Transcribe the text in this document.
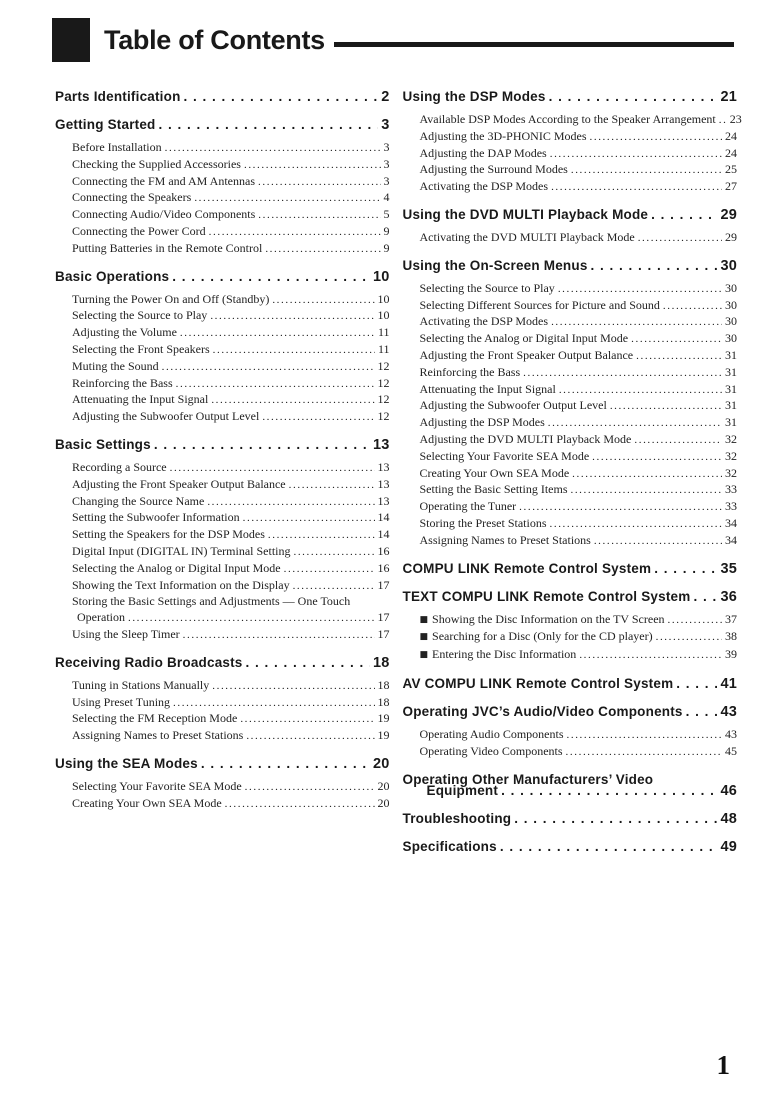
Table of Contents
Parts Identification . . .	2
Getting Started . . .	3
Before Installation .....	3
Checking the Supplied Accessories .....	3
Connecting the FM and AM Antennas .....	3
Connecting the Speakers .....	4
Connecting Audio/Video Components .....	5
Connecting the Power Cord .....	9
Putting Batteries in the Remote Control .....	9
Basic Operations . . .	10
Turning the Power On and Off (Standby) .....	10
Selecting the Source to Play .....	10
Adjusting the Volume .....	11
Selecting the Front Speakers .....	11
Muting the Sound .....	12
Reinforcing the Bass .....	12
Attenuating the Input Signal .....	12
Adjusting the Subwoofer Output Level .....	12
Basic Settings . . .	13
Recording a Source .....	13
Adjusting the Front Speaker Output Balance .....	13
Changing the Source Name .....	13
Setting the Subwoofer Information .....	14
Setting the Speakers for the DSP Modes .....	14
Digital Input (DIGITAL IN) Terminal Setting .....	16
Selecting the Analog or Digital Input Mode .....	16
Showing the Text Information on the Display .....	17
Storing the Basic Settings and Adjustments — One Touch
Operation .....	17
Using the Sleep Timer .....	17
Receiving Radio Broadcasts . . .	18
Tuning in Stations Manually .....	18
Using Preset Tuning .....	18
Selecting the FM Reception Mode .....	19
Assigning Names to Preset Stations .....	19
Using the SEA Modes . . .	20
Selecting Your Favorite SEA Mode .....	20
Creating Your Own SEA Mode .....	20
Using the DSP Modes . . .	21
Available DSP Modes According to the Speaker Arrangement ..... 23
Adjusting the 3D-PHONIC Modes .....	24
Adjusting the DAP Modes .....	24
Adjusting the Surround Modes .....	25
Activating the DSP Modes .....	27
Using the DVD MULTI Playback Mode . . .	29
Activating the DVD MULTI Playback Mode .....	29
Using the On-Screen Menus . . .	30
Selecting the Source to Play .....	30
Selecting Different Sources for Picture and Sound .....	30
Activating the DSP Modes .....	30
Selecting the Analog or Digital Input Mode .....	30
Adjusting the Front Speaker Output Balance .....	31
Reinforcing the Bass .....	31
Attenuating the Input Signal .....	31
Adjusting the Subwoofer Output Level .....	31
Adjusting the DSP Modes .....	31
Adjusting the DVD MULTI Playback Mode .....	32
Selecting Your Favorite SEA Mode .....	32
Creating Your Own SEA Mode .....	32
Setting the Basic Setting Items .....	33
Operating the Tuner .....	33
Storing the Preset Stations .....	34
Assigning Names to Preset Stations .....	34
COMPU LINK Remote Control System . . .	35
TEXT COMPU LINK Remote Control System . . . 36
■ Showing the Disc Information on the TV Screen .....	37
■ Searching for a Disc (Only for the CD player) .....	38
■ Entering the Disc Information .....	39
AV COMPU LINK Remote Control System . . .	41
Operating JVC’s Audio/Video Components . . .	43
Operating Audio Components .....	43
Operating Video Components .....	45
Operating Other Manufacturers’ Video
Equipment . . .	46
Troubleshooting . . .	48
Specifications . . .	49
1
